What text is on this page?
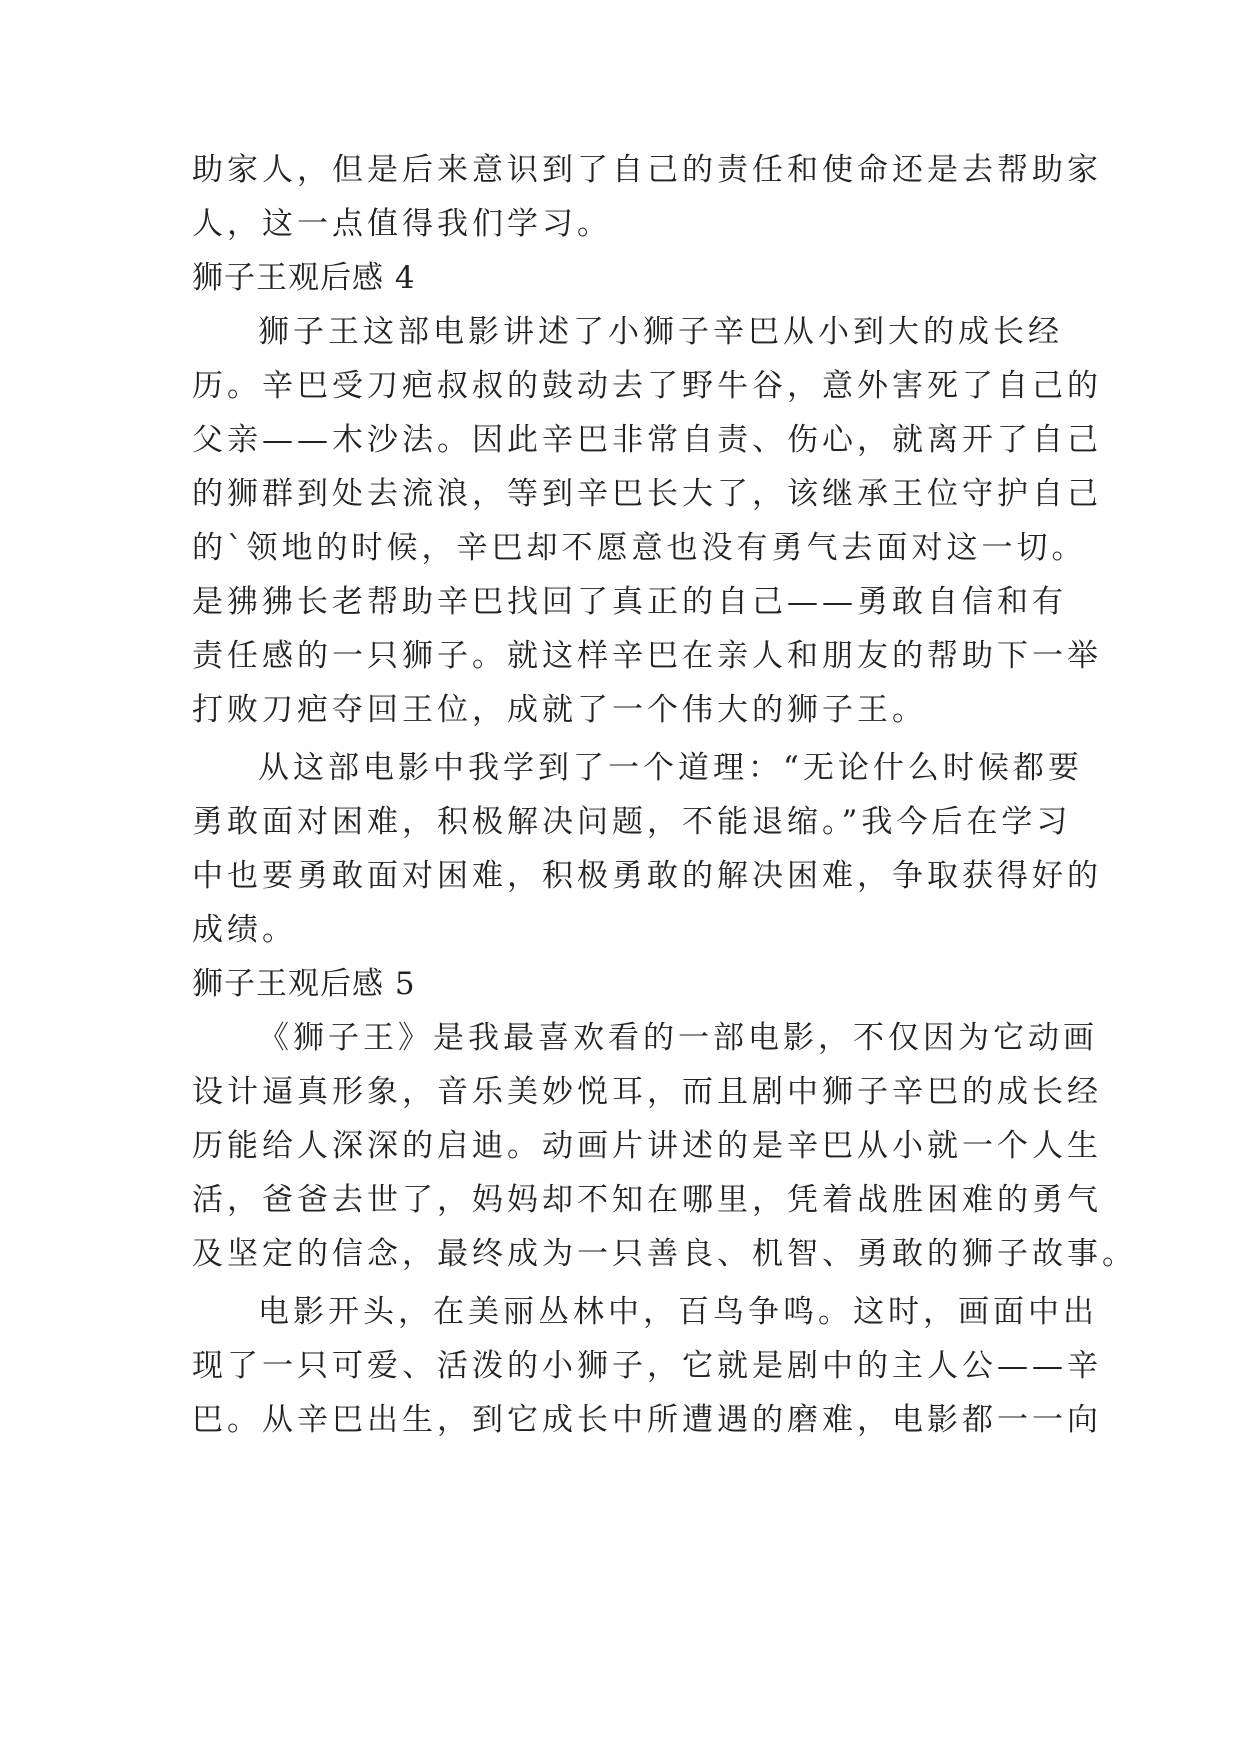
助家人，但是后来意识到了自己的责任和使命还是去帮助家

人，这一点值得我们学习。

狮子王观后感 4

狮子王这部电影讲述了小狮子辛巴从小到大的成长经

历。辛巴受刀疤叔叔的鼓动去了野牛谷，意外害死了自己的

父亲——木沙法。因此辛巴非常自责、伤心，就离开了自己

的狮群到处去流浪，等到辛巴长大了，该继承王位守护自己

的`领地的时候，辛巴却不愿意也没有勇气去面对这一切。

是狒狒长老帮助辛巴找回了真正的自己——勇敢自信和有

责任感的一只狮子。就这样辛巴在亲人和朋友的帮助下一举

打败刀疤夺回王位，成就了一个伟大的狮子王。

从这部电影中我学到了一个道理：“无论什么时候都要

勇敢面对困难，积极解决问题，不能退缩。”我今后在学习

中也要勇敢面对困难，积极勇敢的解决困难，争取获得好的

成绩。

狮子王观后感 5

《狮子王》是我最喜欢看的一部电影，不仅因为它动画

设计逼真形象，音乐美妙悦耳，而且剧中狮子辛巴的成长经

历能给人深深的启迪。动画片讲述的是辛巴从小就一个人生

活，爸爸去世了，妈妈却不知在哪里，凭着战胜困难的勇气

及坚定的信念，最终成为一只善良、机智、勇敢的狮子故事。

电影开头，在美丽丛林中，百鸟争鸣。这时，画面中出

现了一只可爱、活泼的小狮子，它就是剧中的主人公——辛

巴。从辛巴出生，到它成长中所遭遇的磨难，电影都一一向
